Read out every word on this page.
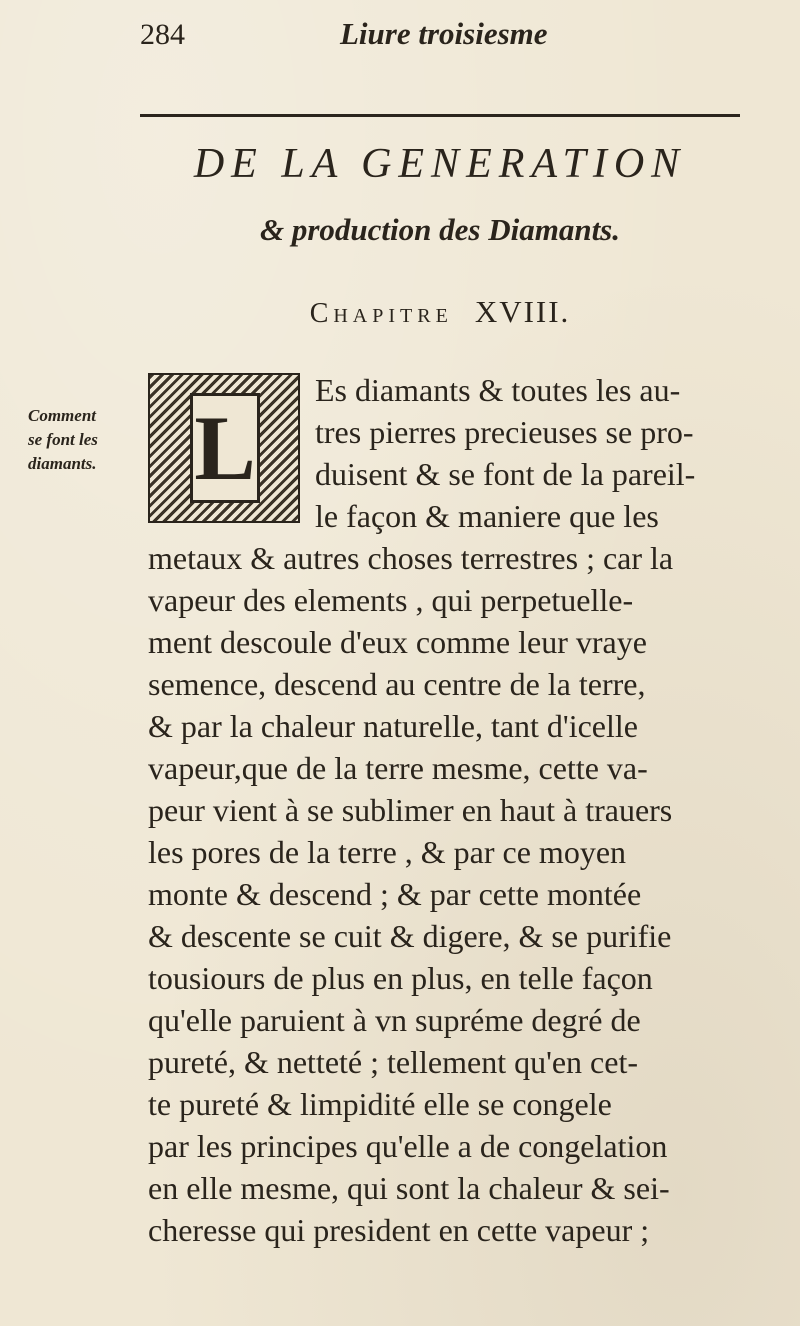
284	Liure troisiesme
DE LA GENERATION
& production des Diamants.
Chapitre XVIII.
Comment
se font les
diamants.	L
Es diamants & toutes les au-
tres pierres precieuses se pro-
duisent & se font de la pareil-
le façon & maniere que les
metaux & autres choses terrestres ; car la
vapeur des elements , qui perpetuelle-
ment descoule d'eux comme leur vraye
semence, descend au centre de la terre,
& par la chaleur naturelle, tant d'icelle
vapeur,que de la terre mesme, cette va-
peur vient à se sublimer en haut à trauers
les pores de la terre , & par ce moyen
monte & descend ; & par cette montée
& descente se cuit & digere, & se purifie
tousiours de plus en plus, en telle façon
qu'elle paruient à vn supréme degré de
pureté, & netteté ; tellement qu'en cet-
te pureté & limpidité elle se congele
par les principes qu'elle a de congelation
en elle mesme, qui sont la chaleur & sei-
cheresse qui president en cette vapeur ;
